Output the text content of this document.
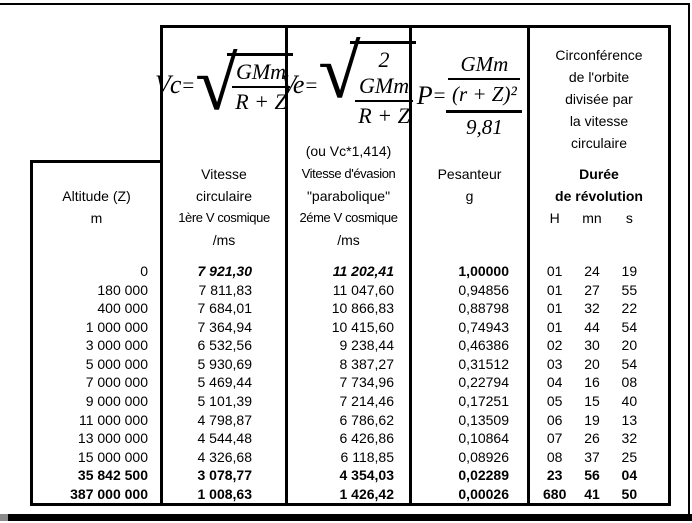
Altitude (Z)
m
0
180 000
400 000
1 000 000
3 000 000
5 000 000
7 000 000
9 000 000
11 000 000
13 000 000
15 000 000
35 842 500
387 000 000
Vc = √
$\frac{\text{GMm}}{R + Z}$
Vitesse
circulaire
1ère V cosmique
/ms
7 921,30
7 811,83
7 684,01
7 364,94
6 532,56
5 930,69
5 469,44
5 101,39
4 798,87
4 544,48
4 326,68
3 078,77
1 008,63
Ve = √
$\frac{\text{2 GMm}}{R + Z}$
(ou Vc*1,414)
Vitesse d'évasion
"parabolique"
2éme V cosmique
/ms
11 202,41
11 047,60
10 866,83
10 415,60
9 238,44
8 387,27
7 734,96
7 214,46
6 786,62
6 426,86
6 118,85
4 354,03
1 426,42
P =
GMm
(r + Z)²
9,81
Pesanteur
g
1,00000
0,94856
0,88798
0,74943
0,46386
0,31512
0,22794
0,17251
0,13509
0,10864
0,08926
0,02289
0,00026
Circonférence
de l'orbite
divisée par
la vitesse
circulaire
Durée
de révolution
H	mn	s
01 24 19
01 27 55
01 32 22
01 44 54
02 30 20
03 20 54
04 16 08
05 15 40
06 19 13
07 26 32
08 37 25
23 56 04
680 41 50
